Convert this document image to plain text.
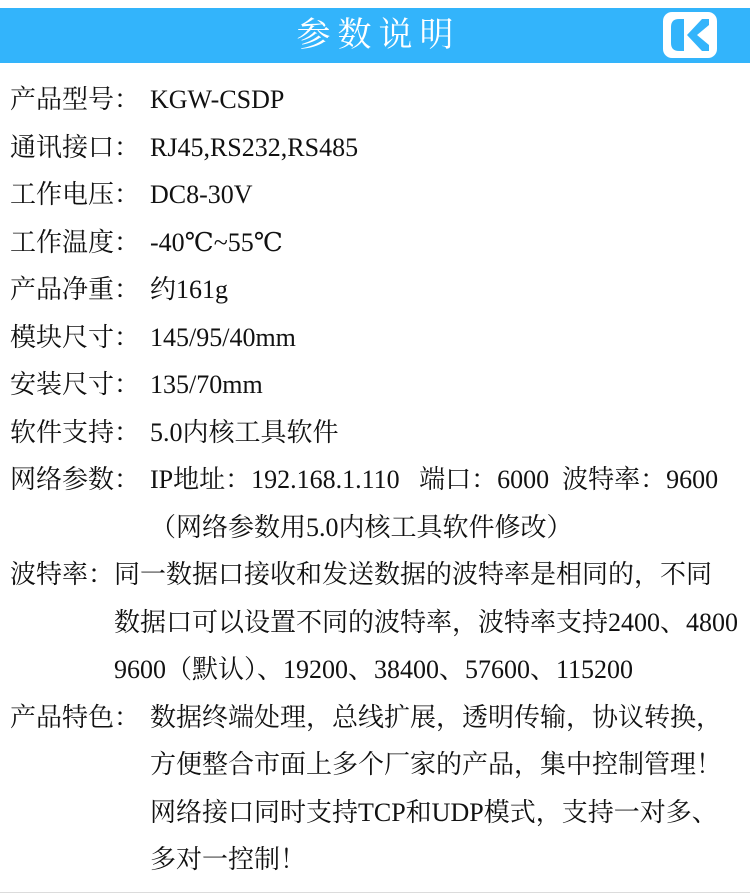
参数说明
产品型号： KGW-CSDP
通讯接口： RJ45,RS232,RS485
工作电压： DC8-30V
工作温度： -40℃~55℃
产品净重： 约161g
模块尺寸： 145/95/40mm
安装尺寸： 135/70mm
软件支持： 5.0内核工具软件
网络参数： IP地址：192.168.1.110   端口：6000  波特率：9600
（网络参数用5.0内核工具软件修改）
波特率： 同一数据口接收和发送数据的波特率是相同的，不同
数据口可以设置不同的波特率，波特率支持2400、4800
9600（默认）、19200、38400、57600、115200
产品特色： 数据终端处理，总线扩展，透明传输，协议转换，
方便整合市面上多个厂家的产品，集中控制管理！
网络接口同时支持TCP和UDP模式，支持一对多、
多对一控制！
